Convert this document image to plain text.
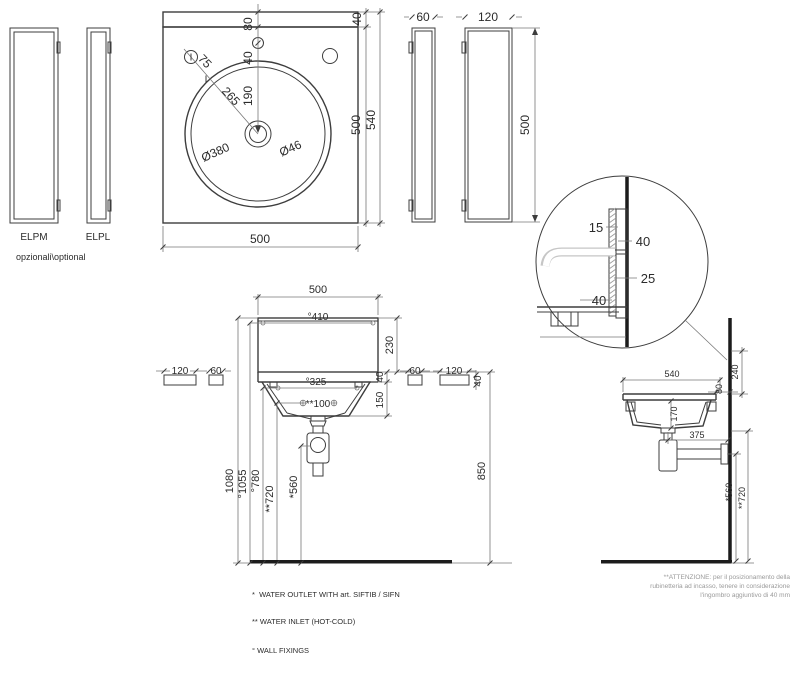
ELPM	ELPL
opzionali\optional
80
40
190
40
500 540
500
75
265
Ø380	Ø46
60	120
500
15
40
25
40
500
°410
230
40
150
°325
**100
1080 °1055 °780
**720 *560
850
120 60	60	120
40
540	240
80
170
375
*560 **720

*  WATER OUTLET WITH art. SIFTIB / SIFN

** WATER INLET (HOT-COLD)

° WALL FIXINGS

**ATTENZIONE: per il posizionamento della
rubinetteria ad incasso, tenere in considerazione
l'ingombro aggiuntivo di 40 mm
